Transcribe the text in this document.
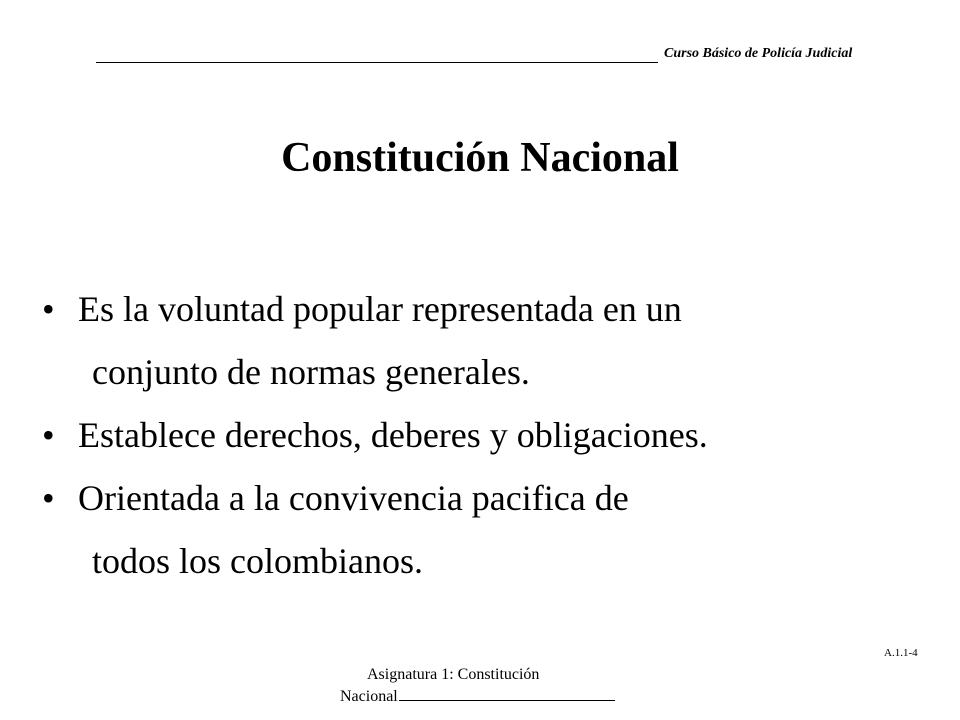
Curso Básico de Policía Judicial
Constitución Nacional
• Es la voluntad popular representada en un
conjunto de normas generales.
• Establece derechos, deberes y obligaciones.
• Orientada a la convivencia pacifica de
todos los colombianos.
A.1.1-4
Asignatura 1: Constitución
Nacional
